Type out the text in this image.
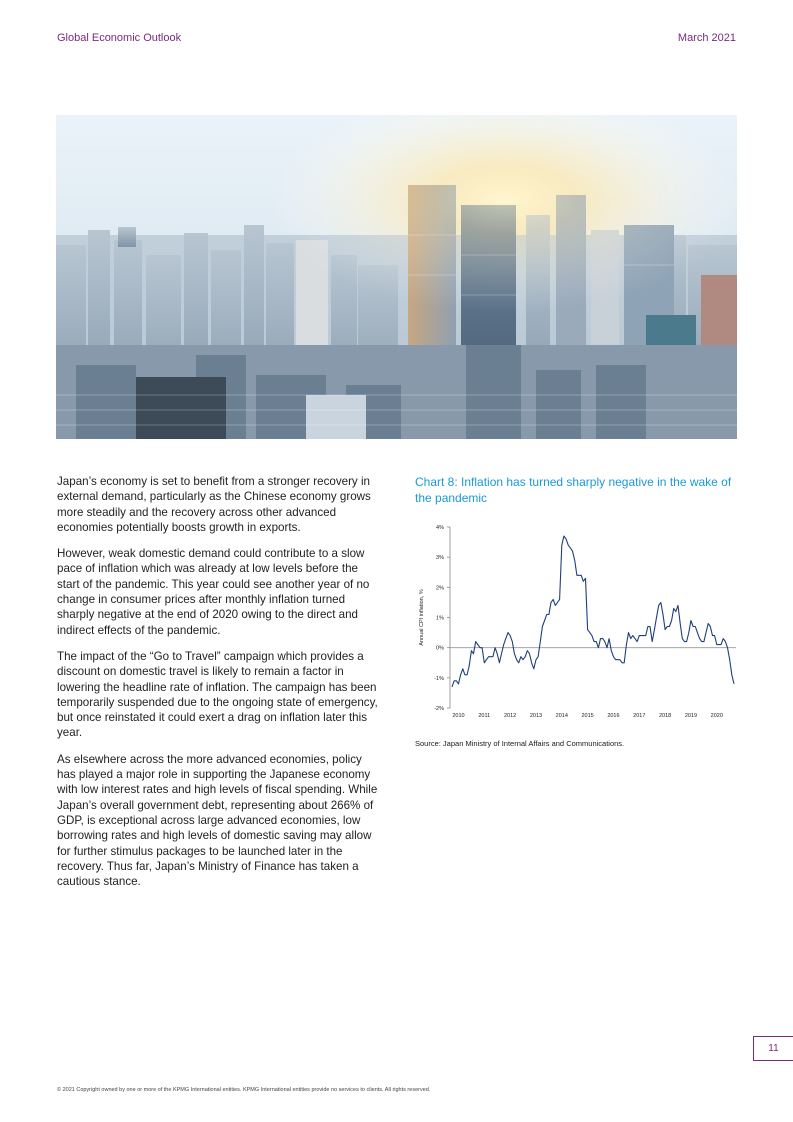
Global Economic Outlook	March 2021

Japan’s economy is set to benefit from a stronger recovery in external demand, particularly as the Chinese economy grows more steadily and the recovery across other advanced economies potentially boosts growth in exports.

However, weak domestic demand could contribute to a slow pace of inflation which was already at low levels before the start of the pandemic. This year could see another year of no change in consumer prices after monthly inflation turned sharply negative at the end of 2020 owing to the direct and indirect effects of the pandemic.

The impact of the “Go to Travel” campaign which provides a discount on domestic travel is likely to remain a factor in lowering the headline rate of inflation. The campaign has been temporarily suspended due to the ongoing state of emergency, but once reinstated it could exert a drag on inflation later this year.

As elsewhere across the more advanced economies, policy has played a major role in supporting the Japanese economy with low interest rates and high levels of fiscal spending. While Japan’s overall government debt, representing about 266% of GDP, is exceptional across large advanced economies, low borrowing rates and high levels of domestic saving may allow for further stimulus packages to be launched later in the recovery. Thus far, Japan’s Ministry of Finance has taken a cautious stance.

Chart 8: Inflation has turned sharply negative in the wake of the pandemic
-2%
-1%
0%
1%
2%
3%
4%
Annual CPI inflation, %
2010	2011	2012 2013 2014 2015 2016 2017 2018 2019 2020
Source: Japan Ministry of Internal Affairs and Communications.
11
© 2021 Copyright owned by one or more of the KPMG International entities. KPMG International entities provide no services to clients. All rights reserved.
